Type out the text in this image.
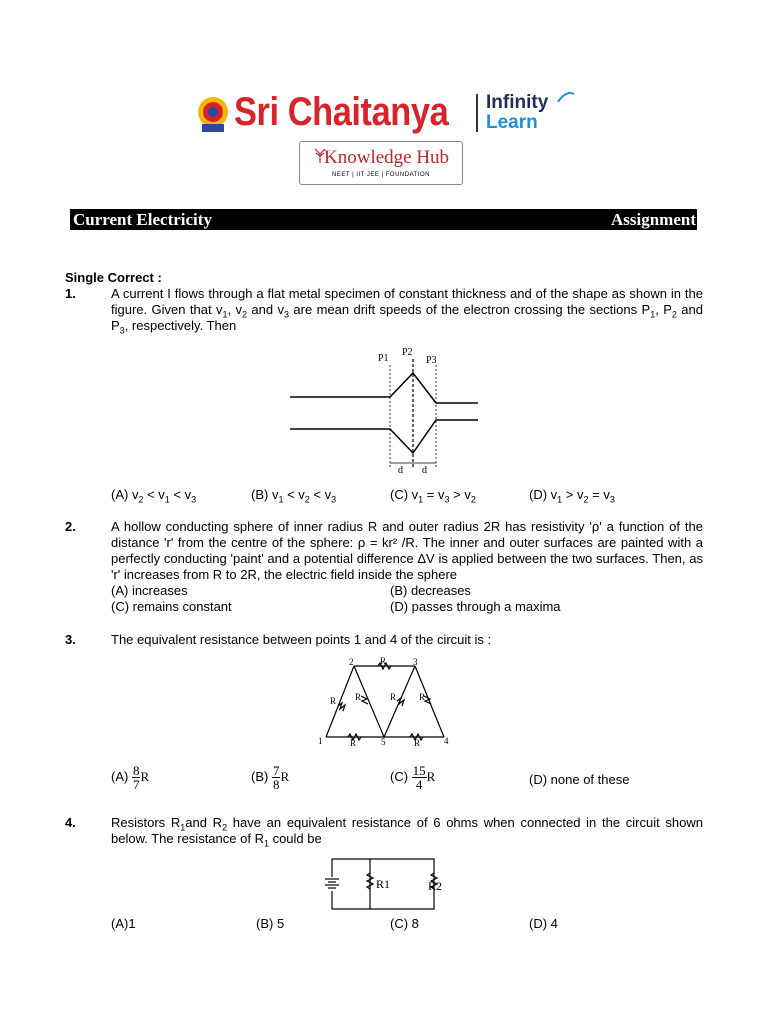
Sri Chaitanya Infinity
Learn
Knowledge Hub
NEET | IIT JEE | FOUNDATION
Current Electricity	Assignment
Single Correct :
1.	A current I flows through a flat metal specimen of constant thickness and of the shape as shown in the figure. Given that $v_1$, $v_2$ and $v_3$ are mean drift speeds of the electron crossing the sections $P_1$, $P_2$ and $P_3$, respectively. Then
P1
P2
P3
d d
(A) $v_2 < v_1 < v_3$	(B) $v_1 < v_2 < v_3$	(C) $v_1 = v_3 > v_2$	(D) $v_1 > v_2 = v_3$
2.	A hollow conducting sphere of inner radius R and outer radius 2R has resistivity 'ρ' a function of the distance 'r' from the centre of the sphere: ρ = kr² /R. The inner and outer surfaces are painted with a perfectly conducting 'paint' and a potential difference ΔV is applied between the two surfaces. Then, as 'r' increases from R to 2R, the electric field inside the sphere
(A) increases	(B) decreases
(C) remains constant	(D) passes through a maxima
3.	The equivalent resistance between points 1 and 4 of the circuit is :
1
2	3
4
5
R
R	R
R R	R	R
$(A) \frac{8}{7}$ R	$(B) \frac{7}{8}$ R	$(C) \frac{15}{4}$ R	(D) none of these
4.	Resistors $R_1and$ $R_2$ have an equivalent resistance of 6 ohms when connected in the circuit shown below. The resistance of $R_1$ could be
R1	R2
(A)1	(B) 5	(C) 8	(D) 4
